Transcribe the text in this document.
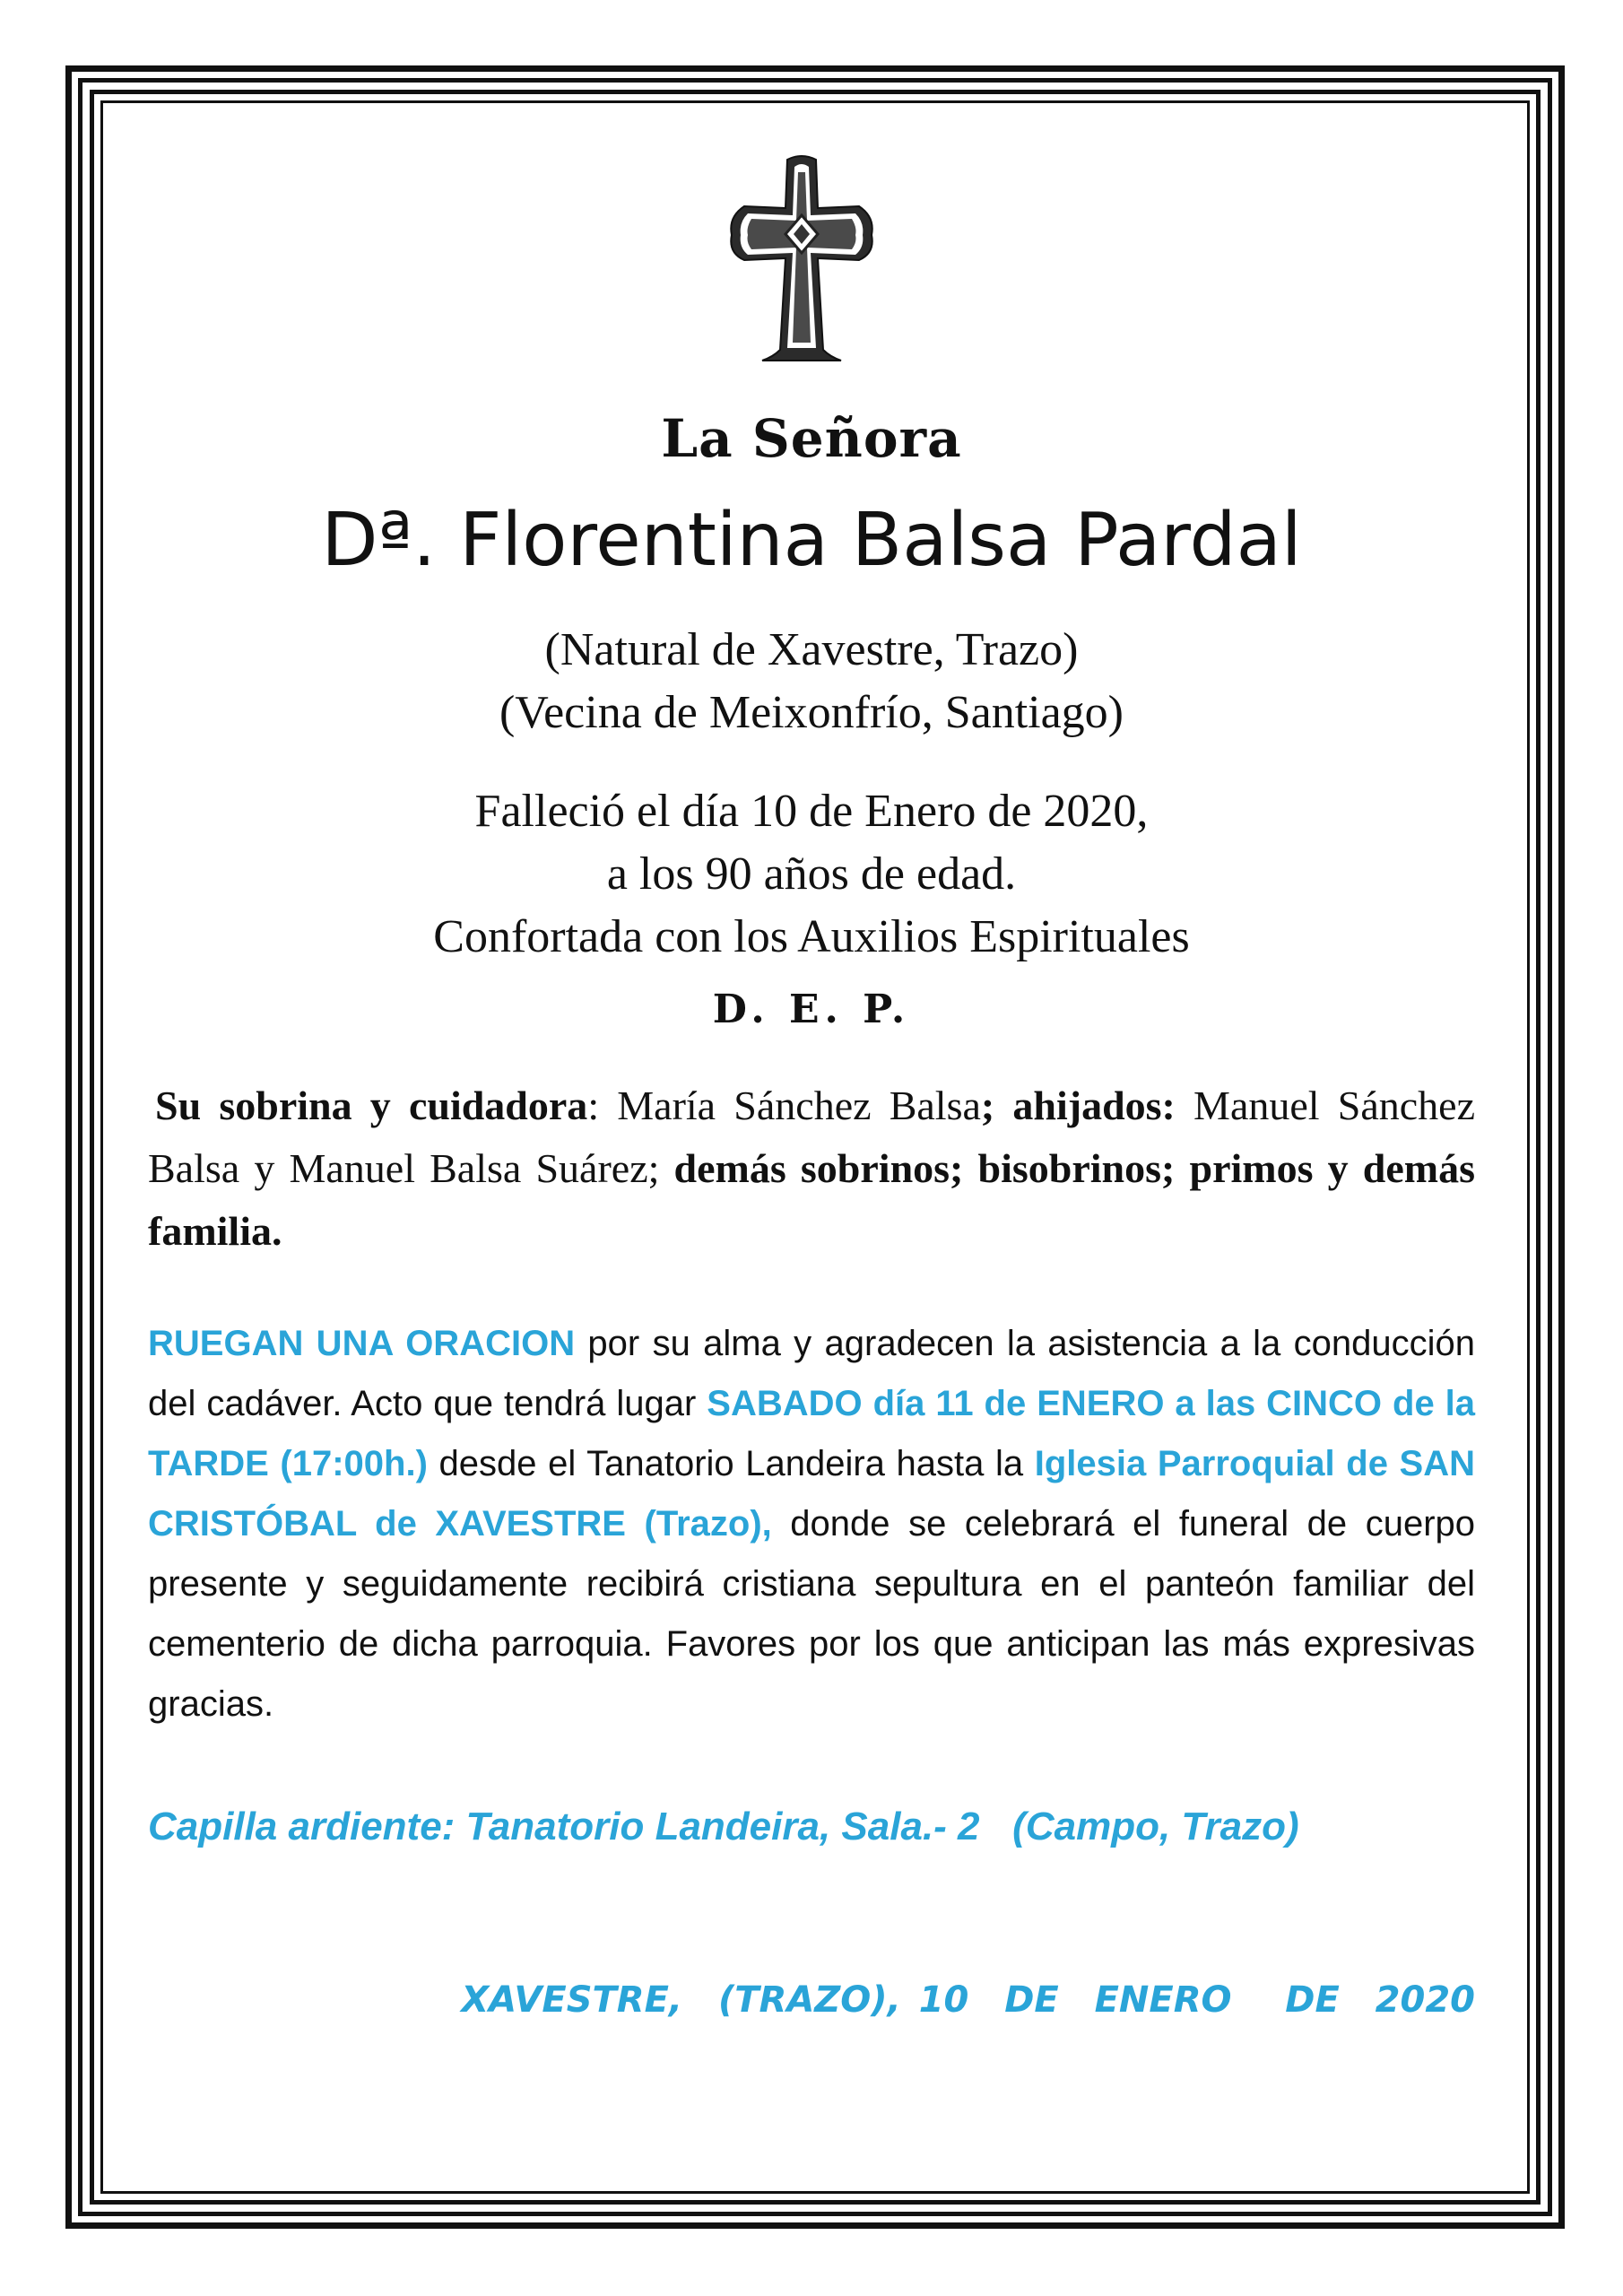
La Señora
Dª. Florentina Balsa Pardal
(Natural de Xavestre, Trazo)
(Vecina de Meixonfrío, Santiago)
Falleció el día 10 de Enero de 2020,
a los 90 años de edad.
Confortada con los Auxilios Espirituales
D. E. P.
Su sobrina y cuidadora: María Sánchez Balsa; ahijados: Manuel Sánchez Balsa y Manuel Balsa Suárez; demás sobrinos; bisobrinos; primos y demás familia.
RUEGAN UNA ORACION por su alma y agradecen la asistencia a la conducción del cadáver. Acto que tendrá lugar SABADO día 11 de ENERO a las CINCO de la TARDE (17:00h.) desde el Tanatorio Landeira hasta la Iglesia Parroquial de SAN CRISTÓBAL de XAVESTRE (Trazo), donde se celebrará el funeral de cuerpo presente y seguidamente recibirá cristiana sepultura en el panteón familiar del cementerio de dicha parroquia. Favores por los que anticipan las más expresivas gracias.
Capilla ardiente: Tanatorio Landeira, Sala.- 2   (Campo, Trazo)
XAVESTRE,  (TRAZO), 10  DE  ENERO   DE  2020
